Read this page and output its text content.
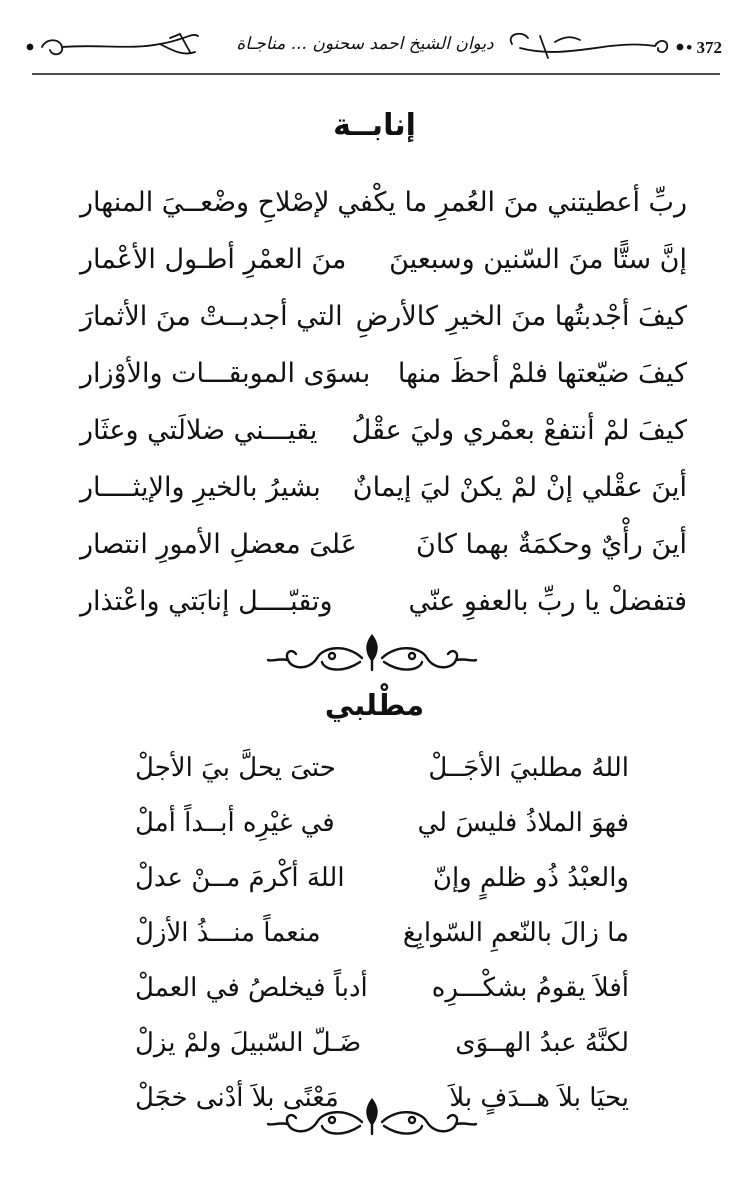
ديوان الشيخ احمد سحنون ... مناجـاة	• 372
إنابــة
ربِّ أعطيتني منَ العُمرِ ما يكْفي
لإصْلاحِ وضْعــيَ المنهار
إنَّ ستًّا منَ السّنين وسبعينَ
منَ العمْرِ أطـول الأعْمار
كيفَ أجْدبتُها منَ الخيرِ كالأرضِ
التي أجدبــتْ منَ الأثمارَ
كيفَ ضيّعتها فلمْ أحظَ منها
بسوَى الموبقـــات والأوْزار
كيفَ لمْ أنتفعْ بعمْري وليَ عقْلُ
يقيـــني ضلالَتي وعثَار
أينَ عقْلي إنْ لمْ يكنْ ليَ إيمانٌ
بشيرُ بالخيرِ والإيثــــار
أينَ رأْيٌ وحكمَةٌ بهما كانَ
عَلىَ معضلِ الأمورِ انتصار
فتفضلْ يا ربِّ بالعفوِ عنّي
وتقبّــــل إنابَتي واعْتذار
مطْلبي
اللهُ مطلبيَ الأجَــلْ
حتىَ يحلَّ بيَ الأجلْ
فهوَ الملاذُ فليسَ لي
في غيْرِه أبــداً أملْ
والعبْدُ ذُو ظلمٍ وإنّ
اللهَ أكْرمَ مــنْ عدلْ
ما زالَ بالنّعمِ السّوابِغ
منعماً منـــذُ الأزلْ
أفلاَ يقومُ بشكْـــرِه
أدباً فيخلصُ في العملْ
لكنَّهُ عبدُ الهــوَى
ضَـلّ السّبيلَ ولمْ يزلْ
يحيَا بلاَ هــدَفٍ بلاَ
مَعْنًى بلاَ أدْنى خجَلْ
